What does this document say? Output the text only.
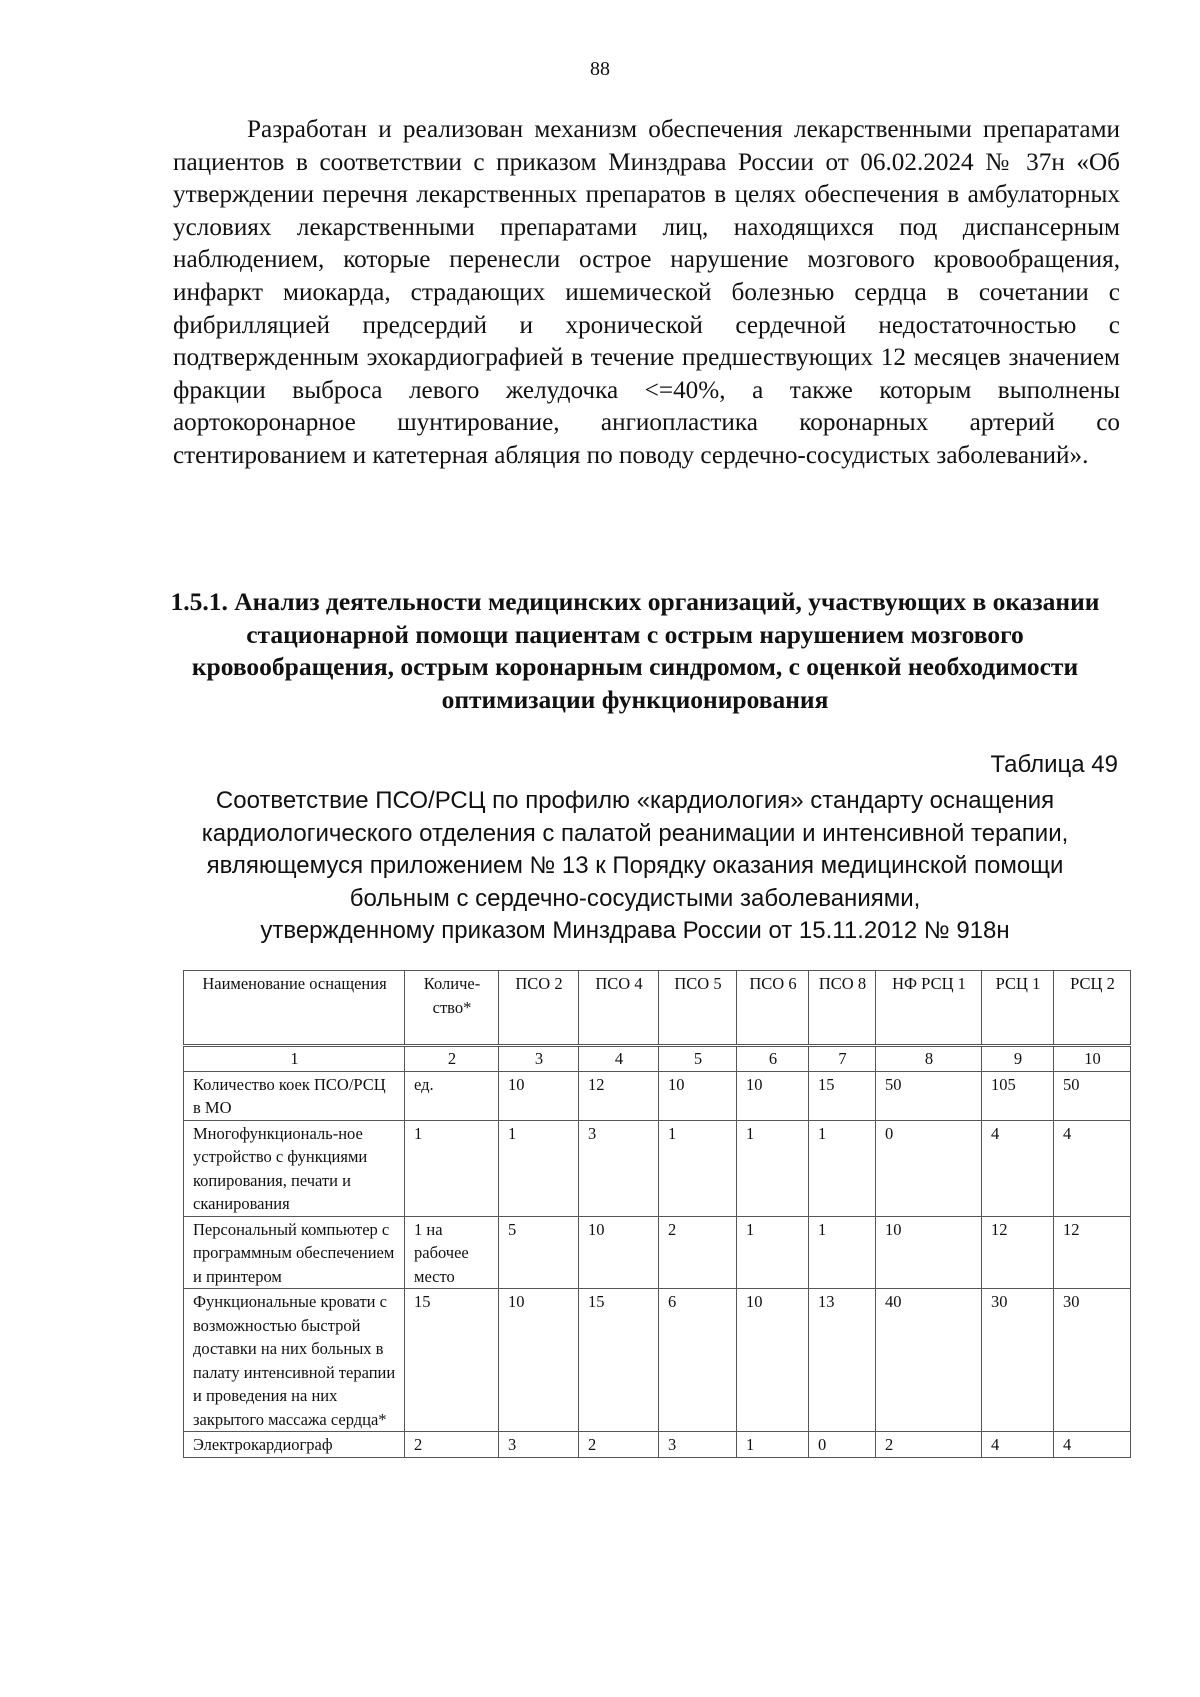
88

Разработан и реализован механизм обеспечения лекарственными препаратами пациентов в соответствии с приказом Минздрава России от 06.02.2024 № 37н «Об утверждении перечня лекарственных препаратов в целях обеспечения в амбулаторных условиях лекарственными препаратами лиц, находящихся под диспансерным наблюдением, которые перенесли острое нарушение мозгового кровообращения, инфаркт миокарда, страдающих ишемической болезнью сердца в сочетании с фибрилляцией предсердий и хронической сердечной недостаточностью с подтвержденным эхокардиографией в течение предшествующих 12 месяцев значением фракции выброса левого желудочка <=40%, а также которым выполнены аортокоронарное шунтирование, ангиопластика коронарных артерий со стентированием и катетерная абляция по поводу сердечно-сосудистых заболеваний».

1.5.1. Анализ деятельности медицинских организаций, участвующих в оказании стационарной помощи пациентам с острым нарушением мозгового кровообращения, острым коронарным синдромом, с оценкой необходимости оптимизации функционирования
Таблица 49
Соответствие ПСО/РСЦ по профилю «кардиология» стандарту оснащения
кардиологического отделения с палатой реанимации и интенсивной терапии,
являющемуся приложением № 13 к Порядку оказания медицинской помощи
больным с сердечно-сосудистыми заболеваниями,
утвержденному приказом Минздрава России от 15.11.2012 № 918н
Наименование оснащения	Количе-ство*	ПСО 2	ПСО 4	ПСО 5	ПСО 6	ПСО 8	НФ РСЦ 1	РСЦ 1	РСЦ 2
1	2	3	4	5	6	7	8	9	10
Количество коек ПСО/РСЦ в МО	ед.	10	12	10	10	15	50	105	50
Многофункциональ-ное устройство с функциями копирования, печати и сканирования	1	1	3	1	1	1	0	4	4
Персональный компьютер с программным обеспечением и принтером	1 на рабочее место	5	10	2	1	1	10	12	12
Функциональные кровати с возможностью быстрой доставки на них больных в палату интенсивной терапии и проведения на них закрытого массажа сердца*	15	10	15	6	10	13	40	30	30
Электрокардиограф	2	3	2	3	1	0	2	4	4
